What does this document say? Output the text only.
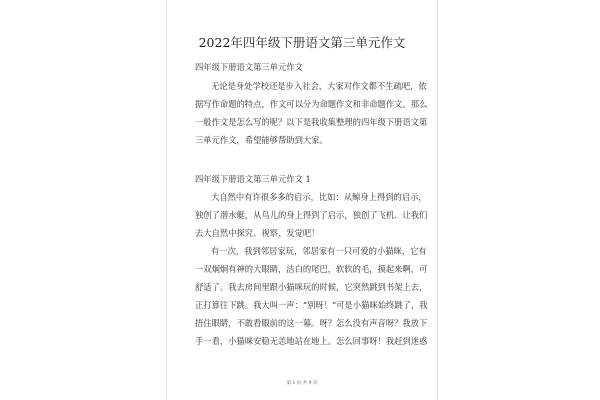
2022年四年级下册语文第三单元作文
四年级下册语文第三单元作文
无论是身处学校还是步入社会，大家对作文都不生疏吧，依
据写作命题的特点，作文可以分为命题作文和非命题作文。那么
一般作文是怎么写的呢？以下是我收集整理的四年级下册语文第
三单元作文，希望能够帮助到大家。
四年级下册语文第三单元作文 1
大自然中有许很多多的启示，比如：从鲸身上得到的启示，
独创了潜水艇，从鸟儿的身上得到了启示，独创了飞机．让我们
去大自然中探究、视察、发觉吧！
有一次，我到邻居家玩，邻居家有一只可爱的小猫咪，它有
一双炯炯有神的大眼睛，洁白的尾巴，软软的毛，摸起来啊，可
舒适了。我去房间里跟小猫咪玩的时候，它突然跳到书架上去，
正打算往下跳。我大叫一声：“别呀！”可是小猫咪始终跳了，我
捂住眼睛，不敢看眼前的这一幕。呀？怎么没有声音呀？我放下
手一看，小猫咪安稳无恙地站在地上。怎么回事呀！我赶到迷惑
第 1 页 共 9 页
